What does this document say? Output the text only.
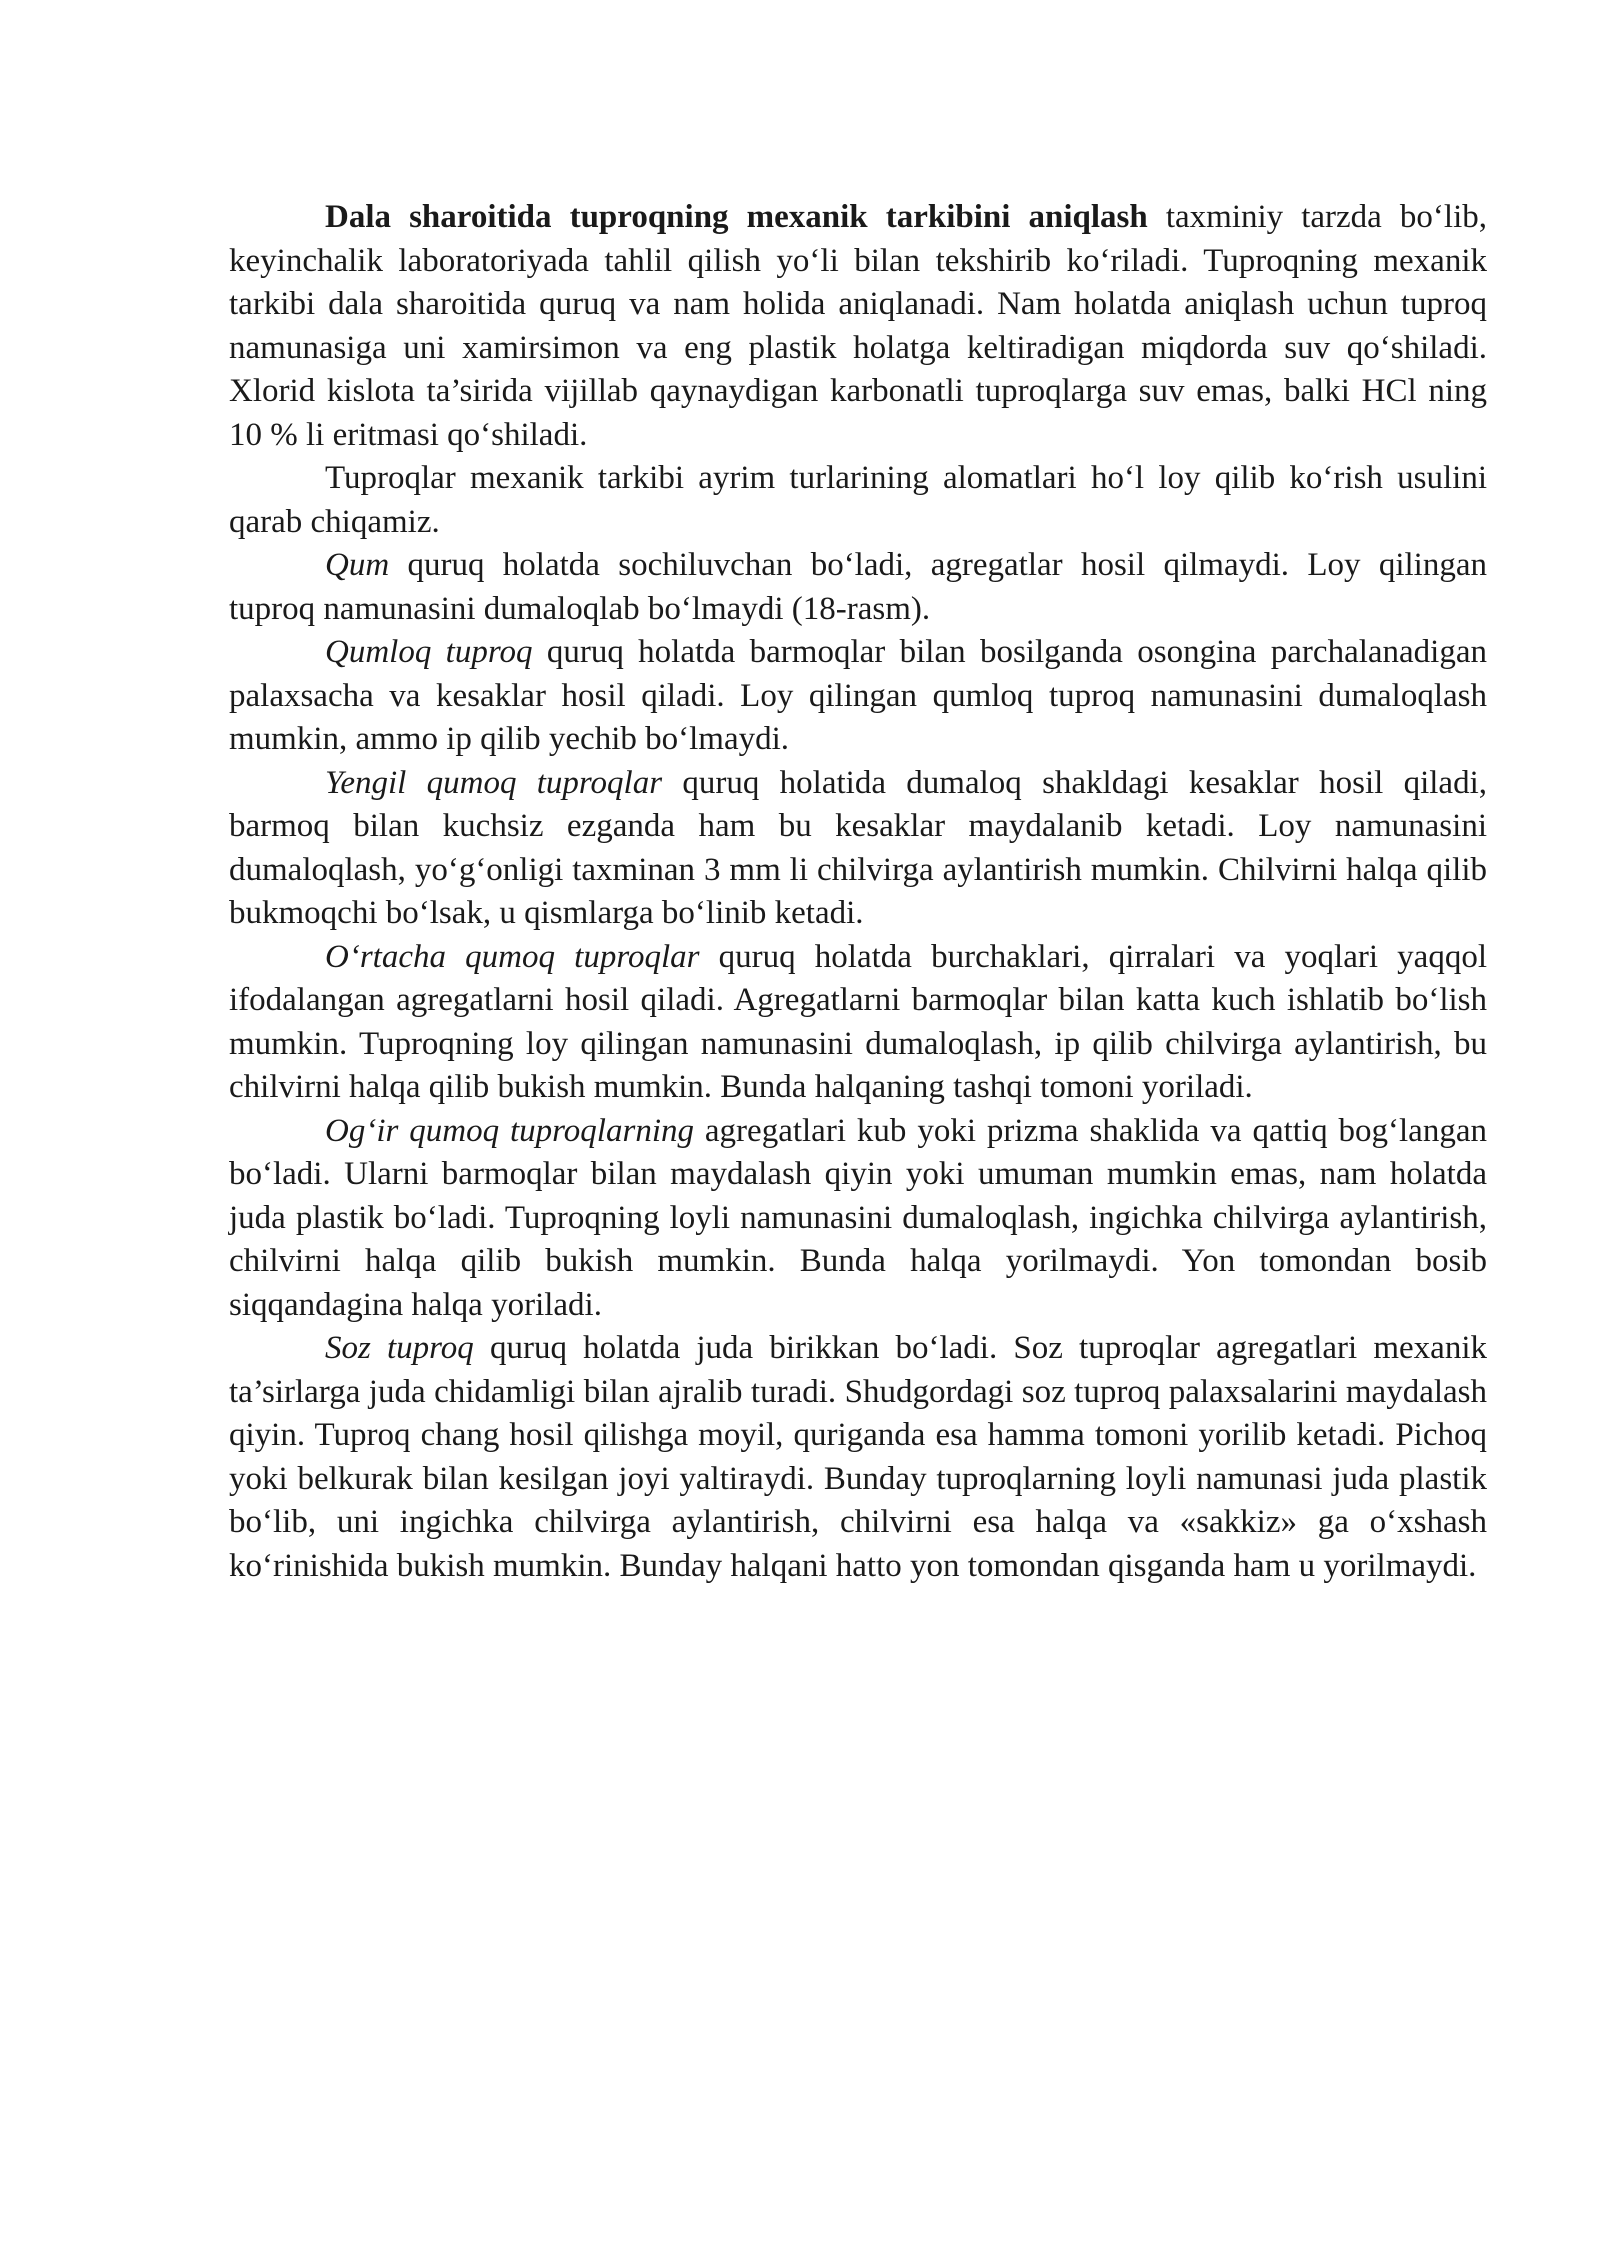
Dala sharoitida tuproqning mexanik tarkibini aniqlash taxminiy tarzda bo‘lib, keyinchalik laboratoriyada tahlil qilish yo‘li bilan tekshirib ko‘riladi. Tuproqning mexanik tarkibi dala sharoitida quruq va nam holida aniqlanadi. Nam holatda aniqlash uchun tuproq namunasiga uni xamirsimon va eng plastik holatga keltiradigan miqdorda suv qo‘shiladi. Xlorid kislota ta’sirida vijillab qaynaydigan karbonatli tuproqlarga suv emas, balki HCl ning 10 % li eritmasi qo‘shiladi.

Tuproqlar mexanik tarkibi ayrim turlarining alomatlari ho‘l loy qilib ko‘rish usulini qarab chiqamiz.

Qum quruq holatda sochiluvchan bo‘ladi, agregatlar hosil qilmaydi. Loy qilingan tuproq namunasini dumaloqlab bo‘lmaydi (18-rasm).

Qumloq tuproq quruq holatda barmoqlar bilan bosilganda osongina parchalanadigan palaxsacha va kesaklar hosil qiladi. Loy qilingan qumloq tuproq namunasini dumaloqlash mumkin, ammo ip qilib yechib bo‘lmaydi.

Yengil qumoq tuproqlar quruq holatida dumaloq shakldagi kesaklar hosil qiladi, barmoq bilan kuchsiz ezganda ham bu kesaklar maydalanib ketadi. Loy namunasini dumaloqlash, yo‘g‘onligi taxminan 3 mm li chilvirga aylantirish mumkin. Chilvirni halqa qilib bukmoqchi bo‘lsak, u qismlarga bo‘linib ketadi.

O‘rtacha qumoq tuproqlar quruq holatda burchaklari, qirralari va yoqlari yaqqol ifodalangan agregatlarni hosil qiladi. Agregatlarni barmoqlar bilan katta kuch ishlatib bo‘lish mumkin. Tuproqning loy qilingan namunasini dumaloqlash, ip qilib chilvirga aylantirish, bu chilvirni halqa qilib bukish mumkin. Bunda halqaning tashqi tomoni yoriladi.

Og‘ir qumoq tuproqlarning agregatlari kub yoki prizma shaklida va qattiq bog‘langan bo‘ladi. Ularni barmoqlar bilan maydalash qiyin yoki umuman mumkin emas, nam holatda juda plastik bo‘ladi. Tuproqning loyli namunasini dumaloqlash, ingichka chilvirga aylantirish, chilvirni halqa qilib bukish mumkin. Bunda halqa yorilmaydi. Yon tomondan bosib siqqandagina halqa yoriladi.

Soz tuproq quruq holatda juda birikkan bo‘ladi. Soz tuproqlar agregatlari mexanik ta’sirlarga juda chidamligi bilan ajralib turadi. Shudgordagi soz tuproq palaxsalarini maydalash qiyin. Tuproq chang hosil qilishga moyil, quriganda esa hamma tomoni yorilib ketadi. Pichoq yoki belkurak bilan kesilgan joyi yaltiraydi. Bunday tuproqlarning loyli namunasi juda plastik bo‘lib, uni ingichka chilvirga aylantirish, chilvirni esa halqa va «sakkiz» ga o‘xshash ko‘rinishida bukish mumkin. Bunday halqani hatto yon tomondan qisganda ham u yorilmaydi.
